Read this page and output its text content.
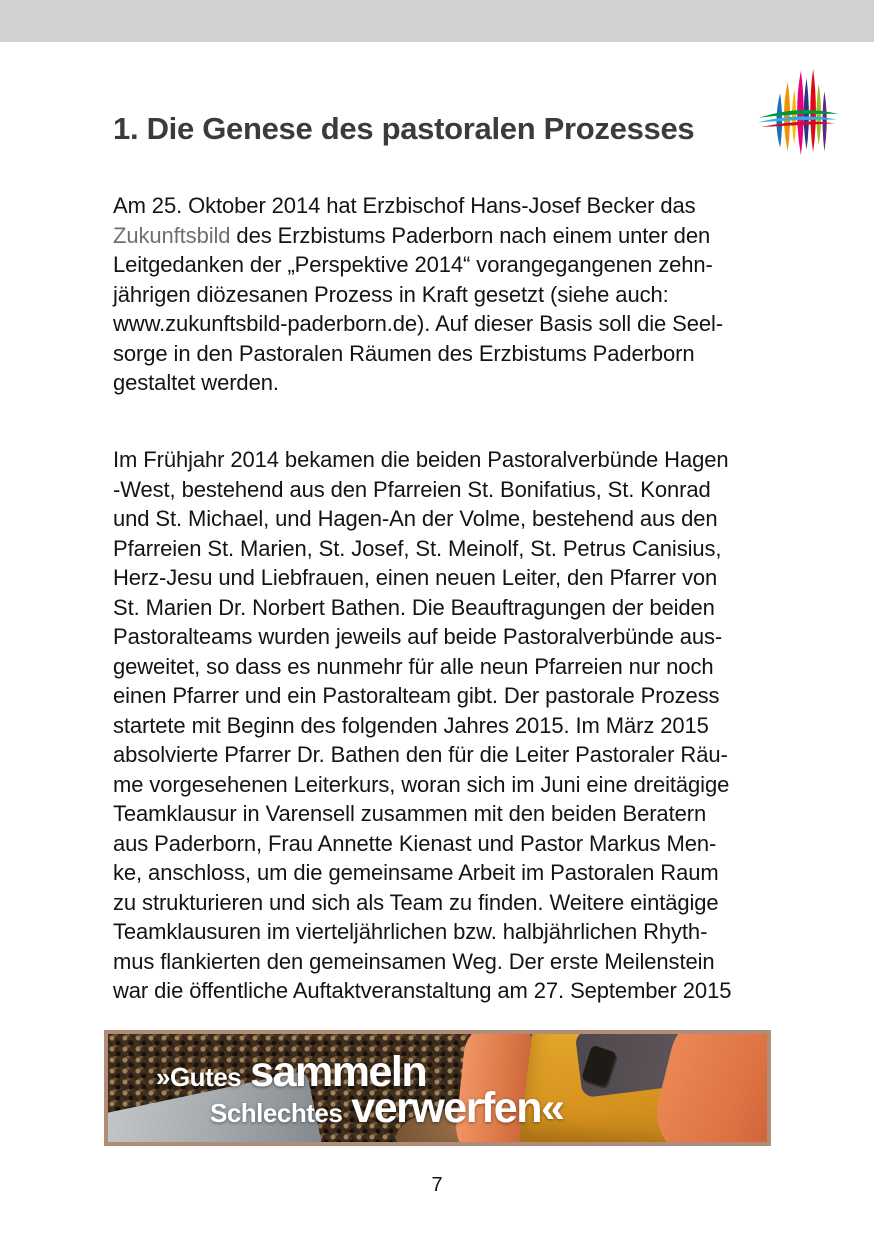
1. Die Genese des pastoralen Prozesses
Am 25. Oktober 2014 hat Erzbischof Hans-Josef Becker das
Zukunftsbild des Erzbistums Paderborn nach einem unter den
Leitgedanken der „Perspektive 2014“ vorangegangenen zehn-
jährigen diözesanen Prozess in Kraft gesetzt (siehe auch:
www.zukunftsbild-paderborn.de). Auf dieser Basis soll die Seel-
sorge in den Pastoralen Räumen des Erzbistums Paderborn
gestaltet werden.
Im Frühjahr 2014 bekamen die beiden Pastoralverbünde Hagen
-West, bestehend aus den Pfarreien St. Bonifatius, St. Konrad
und St. Michael, und Hagen-An der Volme, bestehend aus den
Pfarreien St. Marien, St. Josef, St. Meinolf, St. Petrus Canisius,
Herz-Jesu und Liebfrauen, einen neuen Leiter, den Pfarrer von
St. Marien Dr. Norbert Bathen. Die Beauftragungen der beiden
Pastoralteams wurden jeweils auf beide Pastoralverbünde aus-
geweitet, so dass es nunmehr für alle neun Pfarreien nur noch
einen Pfarrer und ein Pastoralteam gibt. Der pastorale Prozess
startete mit Beginn des folgenden Jahres 2015. Im März 2015
absolvierte Pfarrer Dr. Bathen den für die Leiter Pastoraler Räu-
me vorgesehenen Leiterkurs, woran sich im Juni eine dreitägige
Teamklausur in Varensell zusammen mit den beiden Beratern
aus Paderborn, Frau Annette Kienast und Pastor Markus Men-
ke, anschloss, um die gemeinsame Arbeit im Pastoralen Raum
zu strukturieren und sich als Team zu finden. Weitere eintägige
Teamklausuren im vierteljährlichen bzw. halbjährlichen Rhyth-
mus flankierten den gemeinsamen Weg. Der erste Meilenstein
war die öffentliche Auftaktveranstaltung am 27. September 2015
»Gutes sammeln
Schlechtes verwerfen«
7
